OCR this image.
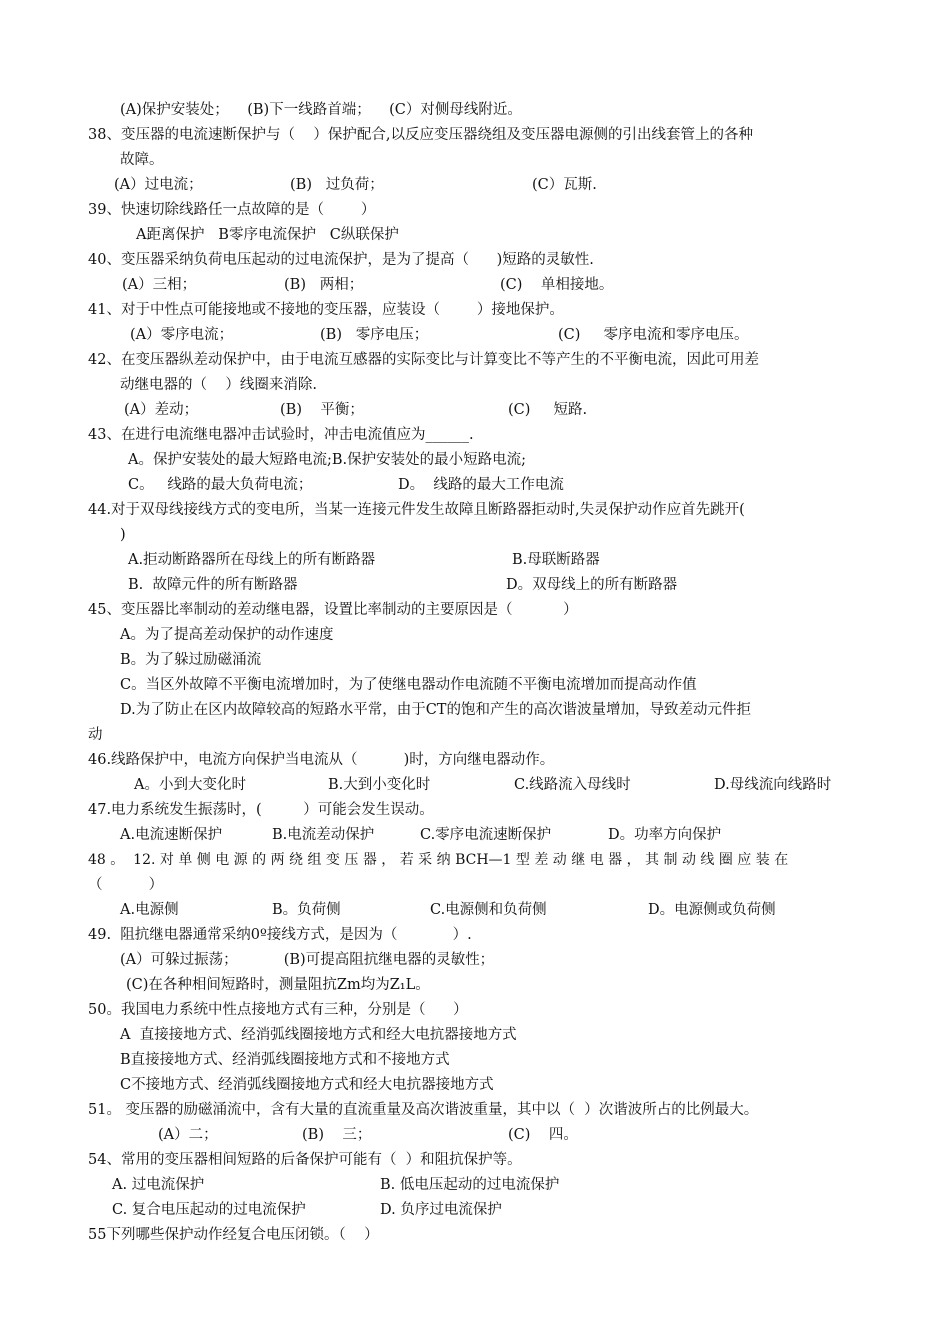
(A)保护安装处；    (B)下一线路首端；    (C）对侧母线附近。
38、变压器的电流速断保护与（    ）保护配合,以反应变压器绕组及变压器电源侧的引出线套管上的各种
故障。
(A）过电流；	(B)   过负荷；	(C）瓦斯.
39、快速切除线路任一点故障的是（        ）
A距离保护   B零序电流保护   C纵联保护
40、变压器采纳负荷电压起动的过电流保护，是为了提高（      )短路的灵敏性.
(A）三相；	(B)   两相；	(C)    单相接地。
41、对于中性点可能接地或不接地的变压器，应装设（        ）接地保护。
(A）零序电流；	(B)   零序电压；	(C)     零序电流和零序电压。
42、在变压器纵差动保护中，由于电流互感器的实际变比与计算变比不等产生的不平衡电流，因此可用差
动继电器的（    ）线圈来消除.
(A）差动；	(B)    平衡；	(C)     短路.
43、在进行电流继电器冲击试验时，冲击电流值应为______.
A。保护安装处的最大短路电流;B.保护安装处的最小短路电流;
C。   线路的最大负荷电流；	D。  线路的最大工作电流
44.对于双母线接线方式的变电所，当某一连接元件发生故障且断路器拒动时,失灵保护动作应首先跳开(
)
A.拒动断路器所在母线上的所有断路器	B.母联断路器
B.  故障元件的所有断路器	D。双母线上的所有断路器
45、变压器比率制动的差动继电器，设置比率制动的主要原因是（           ）
A。为了提高差动保护的动作速度
B。为了躲过励磁涌流
C。当区外故障不平衡电流增加时，为了使继电器动作电流随不平衡电流增加而提高动作值
D.为了防止在区内故障较高的短路水平常，由于CT的饱和产生的高次谐波量增加，导致差动元件拒
动
46.线路保护中，电流方向保护当电流从（          )时，方向继电器动作。
A。小到大变化时	B.大到小变化时	C.线路流入母线时	D.母线流向线路时
47.电力系统发生振荡时，(         ）可能会发生误动。
A.电流速断保护	B.电流差动保护	C.零序电流速断保护	D。功率方向保护
48 。  12. 对 单 侧 电 源 的 两 绕 组 变 压 器 ， 若 采 纳 BCH—1 型 差 动 继 电 器 ， 其 制 动 线 圈 应 装 在
（          ）
A.电源侧	B。负荷侧	C.电源侧和负荷侧	D。电源侧或负荷侧
49.  阻抗继电器通常采纳0º接线方式，是因为（            ）.
(A）可躲过振荡；          (B)可提高阻抗继电器的灵敏性；
(C)在各种相间短路时，测量阻抗Zm均为Z₁L。
50。我国电力系统中性点接地方式有三种，分别是（      ）
A  直接接地方式、经消弧线圈接地方式和经大电抗器接地方式
B直接接地方式、经消弧线圈接地方式和不接地方式
C不接地方式、经消弧线圈接地方式和经大电抗器接地方式
51。 变压器的励磁涌流中，含有大量的直流重量及高次谐波重量，其中以（  ）次谐波所占的比例最大。
(A）二；	(B)    三；	(C)    四。
54、常用的变压器相间短路的后备保护可能有（  ）和阻抗保护等。
A. 过电流保护	B. 低电压起动的过电流保护
C. 复合电压起动的过电流保护	D. 负序过电流保护
55下列哪些保护动作经复合电压闭锁。（    ）
